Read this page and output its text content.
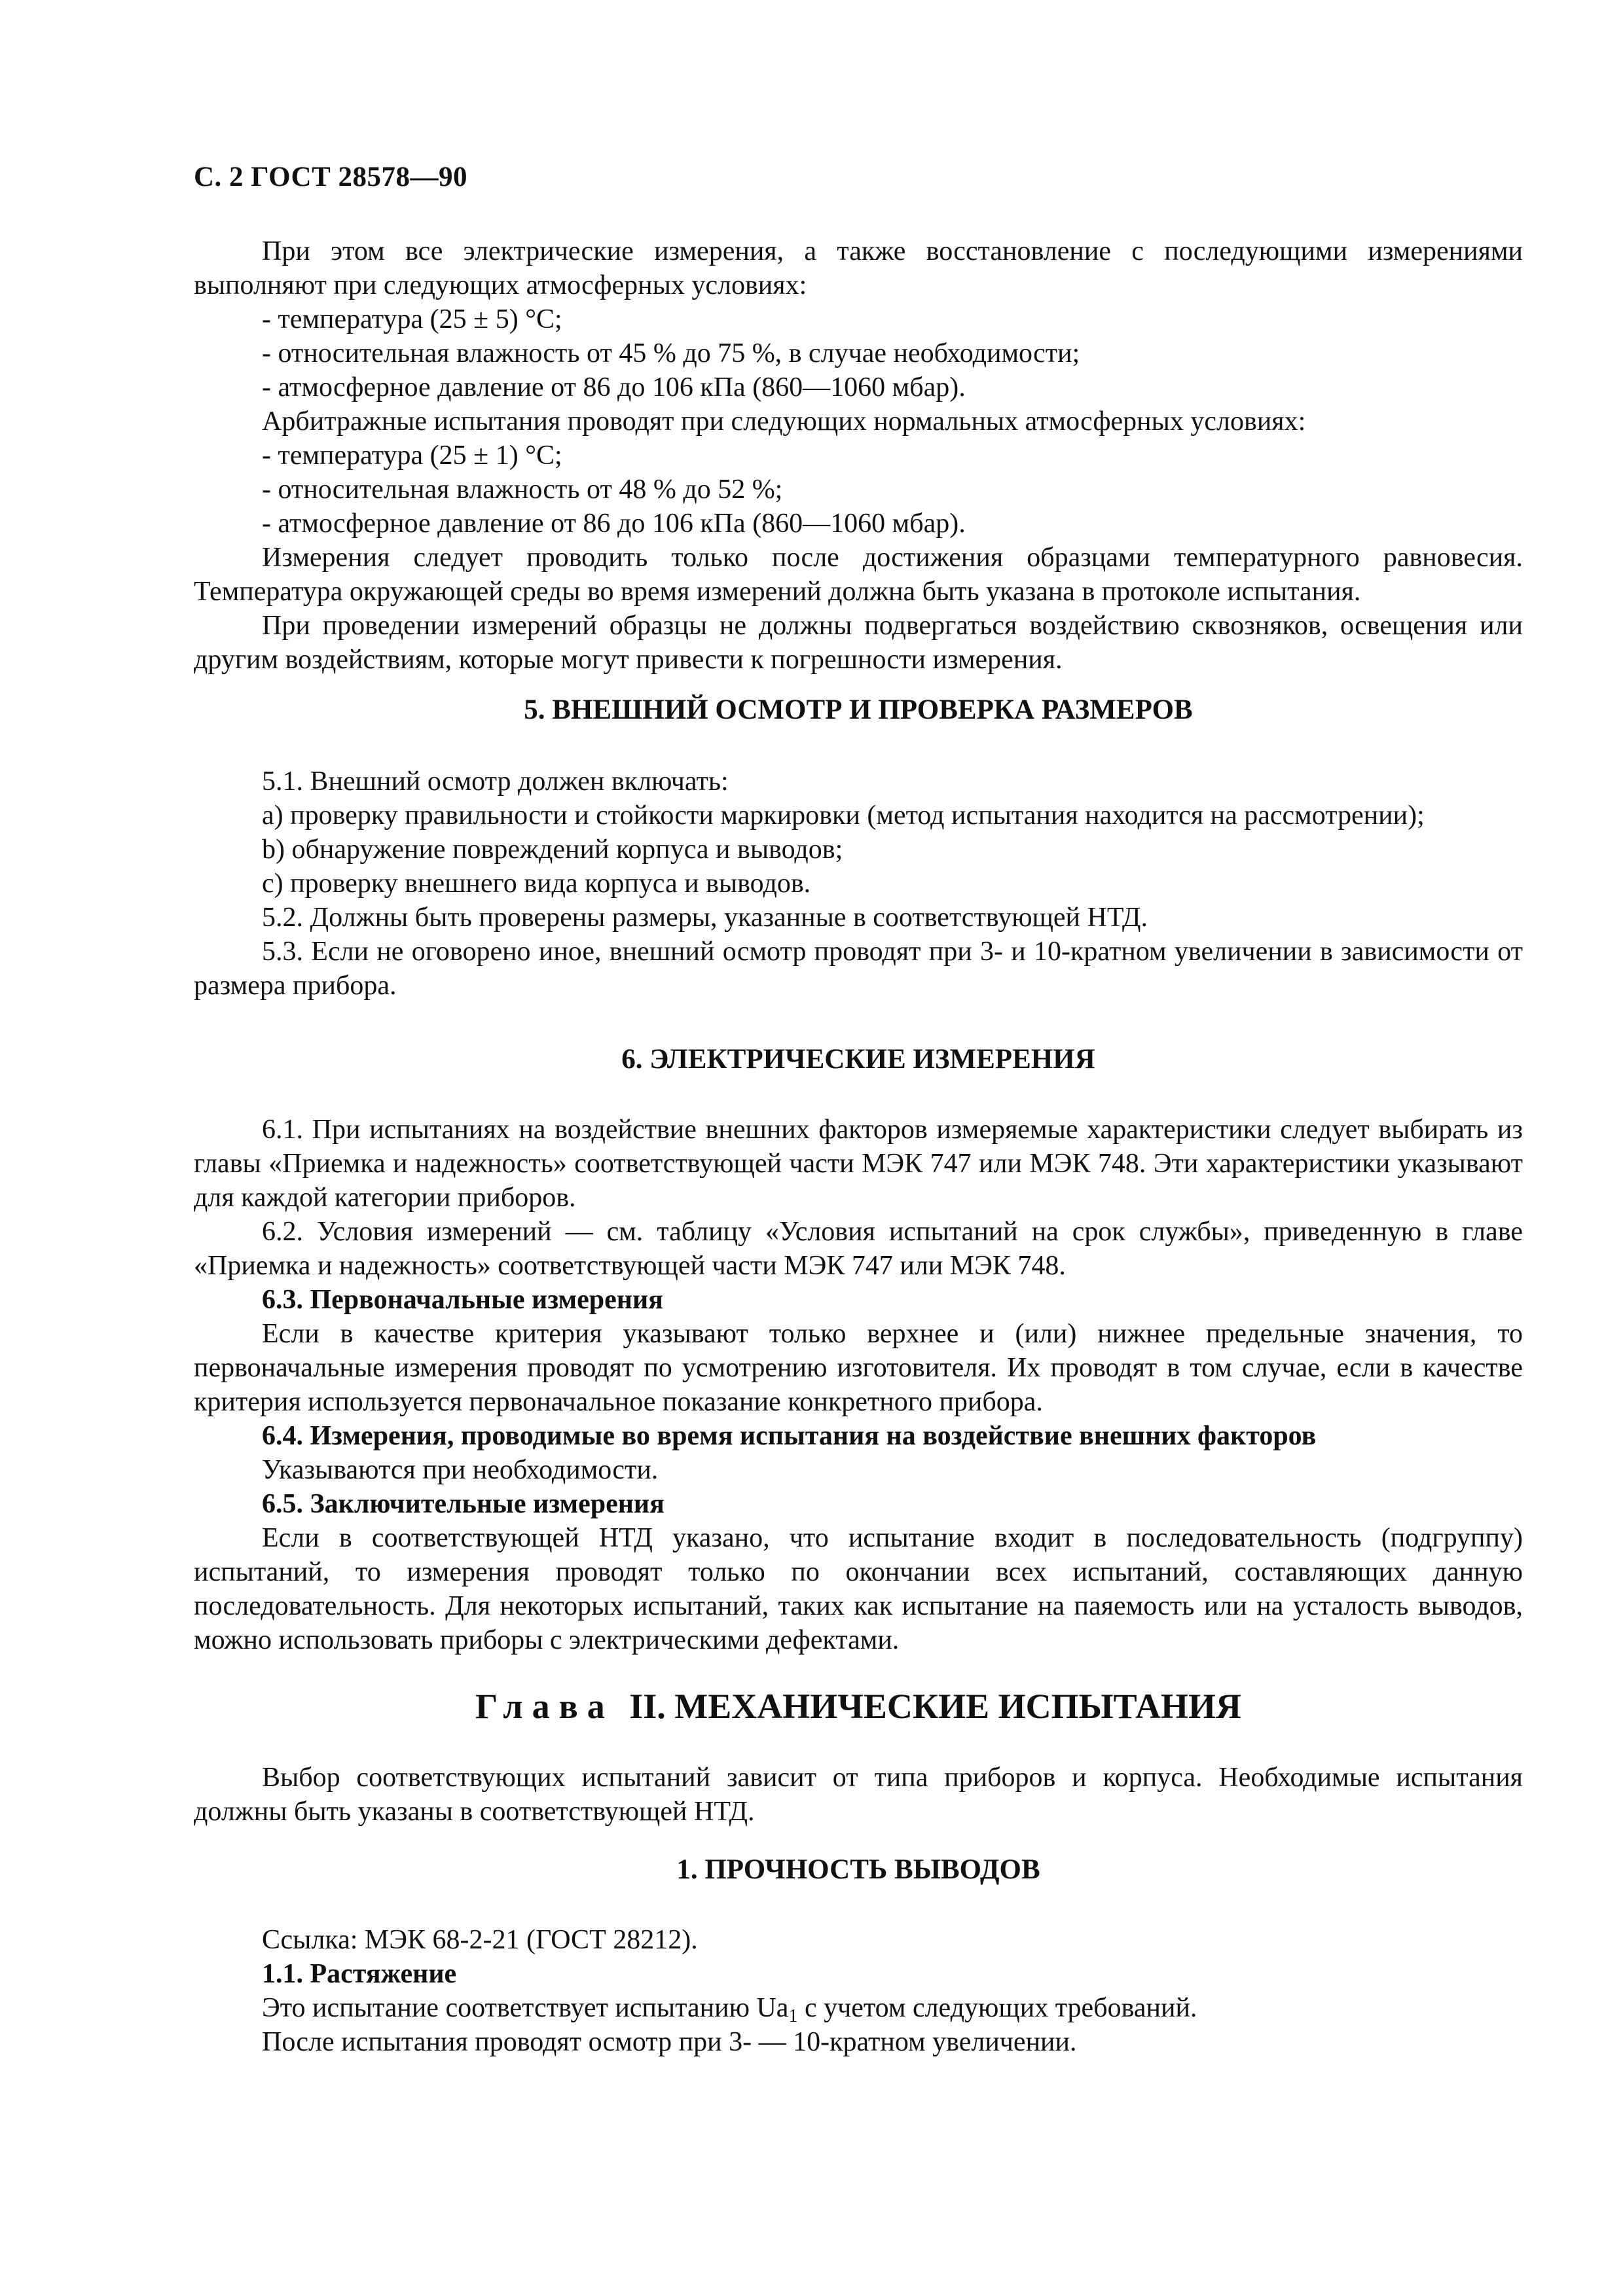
С. 2 ГОСТ 28578—90

При этом все электрические измерения, а также восстановление с последующими измерениями выполняют при следующих атмосферных условиях:

- температура (25 ± 5) °С;

- относительная влажность от 45 % до 75 %, в случае необходимости;

- атмосферное давление от 86 до 106 кПа (860—1060 мбар).

Арбитражные испытания проводят при следующих нормальных атмосферных условиях:

- температура (25 ± 1) °С;

- относительная влажность от 48 % до 52 %;

- атмосферное давление от 86 до 106 кПа (860—1060 мбар).

Измерения следует проводить только после достижения образцами температурного равновесия. Температура окружающей среды во время измерений должна быть указана в протоколе испытания.

При проведении измерений образцы не должны подвергаться воздействию сквозняков, освещения или другим воздействиям, которые могут привести к погрешности измерения.

5. ВНЕШНИЙ ОСМОТР И ПРОВЕРКА РАЗМЕРОВ

5.1. Внешний осмотр должен включать:

a) проверку правильности и стойкости маркировки (метод испытания находится на рассмотрении);

b) обнаружение повреждений корпуса и выводов;

c) проверку внешнего вида корпуса и выводов.

5.2. Должны быть проверены размеры, указанные в соответствующей НТД.

5.3. Если не оговорено иное, внешний осмотр проводят при 3- и 10-кратном увеличении в зависимости от размера прибора.

6. ЭЛЕКТРИЧЕСКИЕ ИЗМЕРЕНИЯ

6.1. При испытаниях на воздействие внешних факторов измеряемые характеристики следует выбирать из главы «Приемка и надежность» соответствующей части МЭК 747 или МЭК 748. Эти характеристики указывают для каждой категории приборов.

6.2. Условия измерений — см. таблицу «Условия испытаний на срок службы», приведенную в главе «Приемка и надежность» соответствующей части МЭК 747 или МЭК 748.

6.3. Первоначальные измерения

Если в качестве критерия указывают только верхнее и (или) нижнее предельные значения, то первоначальные измерения проводят по усмотрению изготовителя. Их проводят в том случае, если в качестве критерия используется первоначальное показание конкретного прибора.

6.4. Измерения, проводимые во время испытания на воздействие внешних факторов

Указываются при необходимости.

6.5. Заключительные измерения

Если в соответствующей НТД указано, что испытание входит в последовательность (подгруппу) испытаний, то измерения проводят только по окончании всех испытаний, составляющих данную последовательность. Для некоторых испытаний, таких как испытание на паяемость или на усталость выводов, можно использовать приборы с электрическими дефектами.

Глава II. МЕХАНИЧЕСКИЕ ИСПЫТАНИЯ

Выбор соответствующих испытаний зависит от типа приборов и корпуса. Необходимые испытания должны быть указаны в соответствующей НТД.

1. ПРОЧНОСТЬ ВЫВОДОВ

Ссылка: МЭК 68-2-21 (ГОСТ 28212).

1.1. Растяжение

Это испытание соответствует испытанию $Ua_1$ с учетом следующих требований.

После испытания проводят осмотр при 3- — 10-кратном увеличении.
